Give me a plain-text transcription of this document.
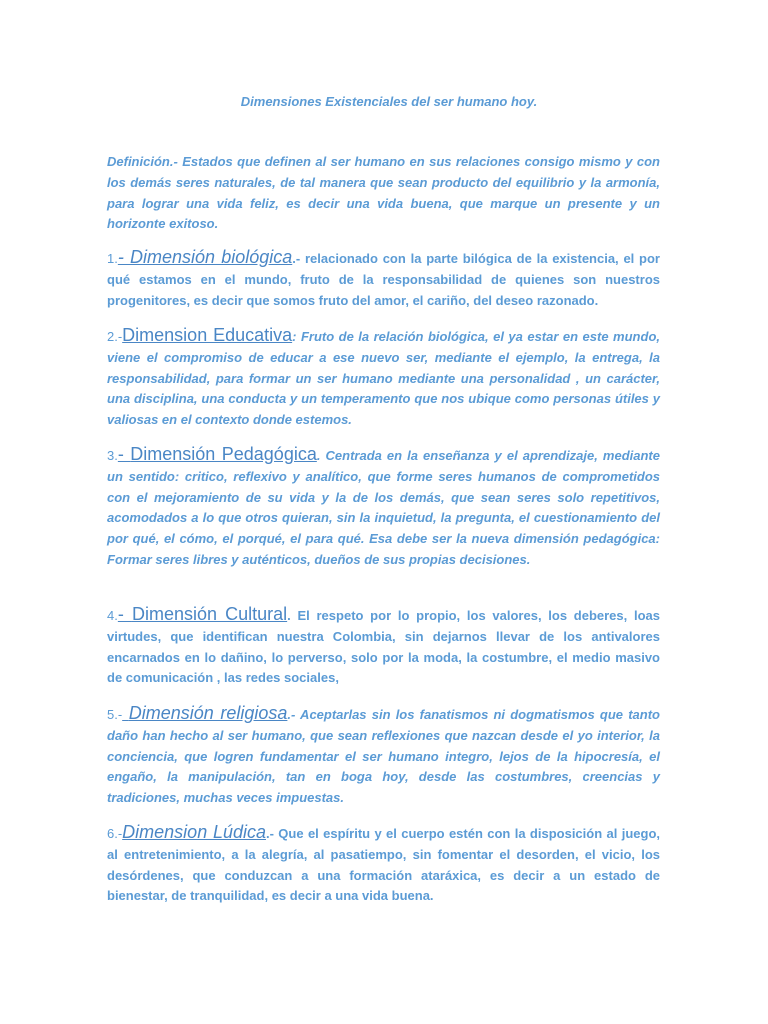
Dimensiones Existenciales del ser humano hoy.

Definición.- Estados que definen al ser humano en sus relaciones consigo mismo y con los demás seres naturales, de tal manera que sean producto del equilibrio y la armonía, para lograr una vida feliz, es decir una vida buena, que marque un presente y un horizonte exitoso.

1.- Dimensión biológica.- relacionado con la parte bilógica de la existencia, el por qué estamos en el mundo, fruto de la responsabilidad de quienes son nuestros progenitores, es decir que somos fruto del amor, el cariño, del deseo razonado.

2.-Dimension Educativa: Fruto de la relación biológica, el ya estar en este mundo, viene el compromiso de educar a ese nuevo ser, mediante el ejemplo, la entrega, la responsabilidad, para formar un ser humano mediante una personalidad , un carácter, una disciplina, una conducta y un temperamento que nos ubique como personas útiles y valiosas en el contexto donde estemos.

3.- Dimensión Pedagógica. Centrada en la enseñanza y el aprendizaje, mediante un sentido: critico, reflexivo y analítico, que forme seres humanos de comprometidos con el mejoramiento de su vida y la de los demás, que sean seres solo repetitivos, acomodados a lo que otros quieran, sin la inquietud, la pregunta, el cuestionamiento del por qué, el cómo, el porqué, el para qué. Esa debe ser la nueva dimensión pedagógica: Formar seres libres y auténticos, dueños de sus propias decisiones.

4.- Dimensión Cultural. El respeto por lo propio, los valores, los deberes, loas virtudes, que identifican nuestra Colombia, sin dejarnos llevar de los antivalores encarnados en lo dañino, lo perverso, solo por la moda, la costumbre, el medio masivo de comunicación , las redes sociales,

5.- Dimensión religiosa.- Aceptarlas sin los fanatismos ni dogmatismos que tanto daño han hecho al ser humano, que sean reflexiones que nazcan desde el yo interior, la conciencia, que logren fundamentar el ser humano integro, lejos de la hipocresía, el engaño, la manipulación, tan en boga hoy, desde las costumbres, creencias y tradiciones, muchas veces impuestas.

6.-Dimension Lúdica.- Que el espíritu y el cuerpo estén con la disposición al juego, al entretenimiento, a la alegría, al pasatiempo, sin fomentar el desorden, el vicio, los desórdenes, que conduzcan a una formación ataráxica, es decir a un estado de bienestar, de tranquilidad, es decir a una vida buena.
